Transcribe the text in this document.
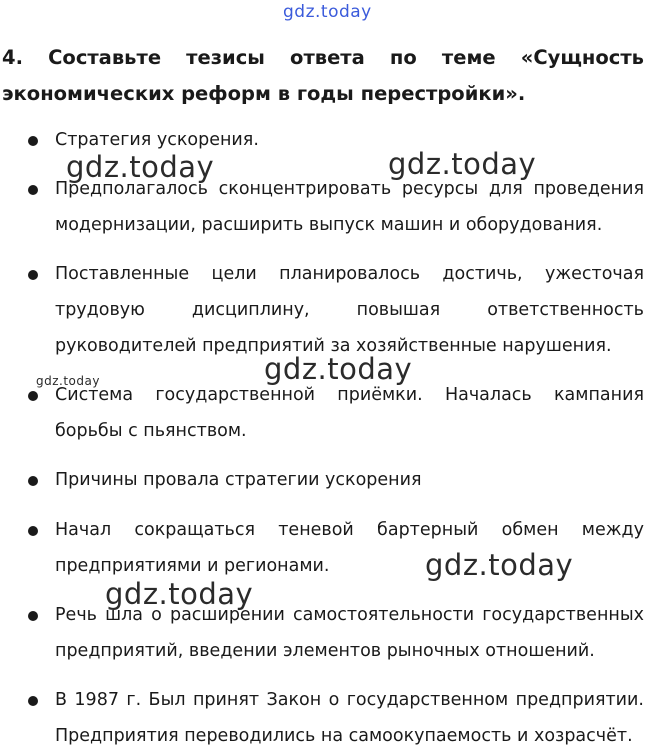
gdz.today
gdz.today	gdz.today
gdz.today	gdz.today
gdz.today
gdz.today
4. Составьте тезисы ответа по теме «Сущность экономических реформ в годы перестройки».

Стратегия ускорения.

Предполагалось сконцентрировать ресурсы для проведения модернизации, расширить выпуск машин и оборудования.

Поставленные цели планировалось достичь, ужесточая трудовую дисциплину, повышая ответственность руководителей предприятий за хозяйственные нарушения.

Система государственной приёмки. Началась кампания борьбы с пьянством.

Причины провала стратегии ускорения

Начал сокращаться теневой бартерный обмен между предприятиями и регионами.

Речь шла о расширении самостоятельности государственных предприятий, введении элементов рыночных отношений.

В 1987 г. Был принят Закон о государственном предприятии. Предприятия переводились на самоокупаемость и хозрасчёт.
